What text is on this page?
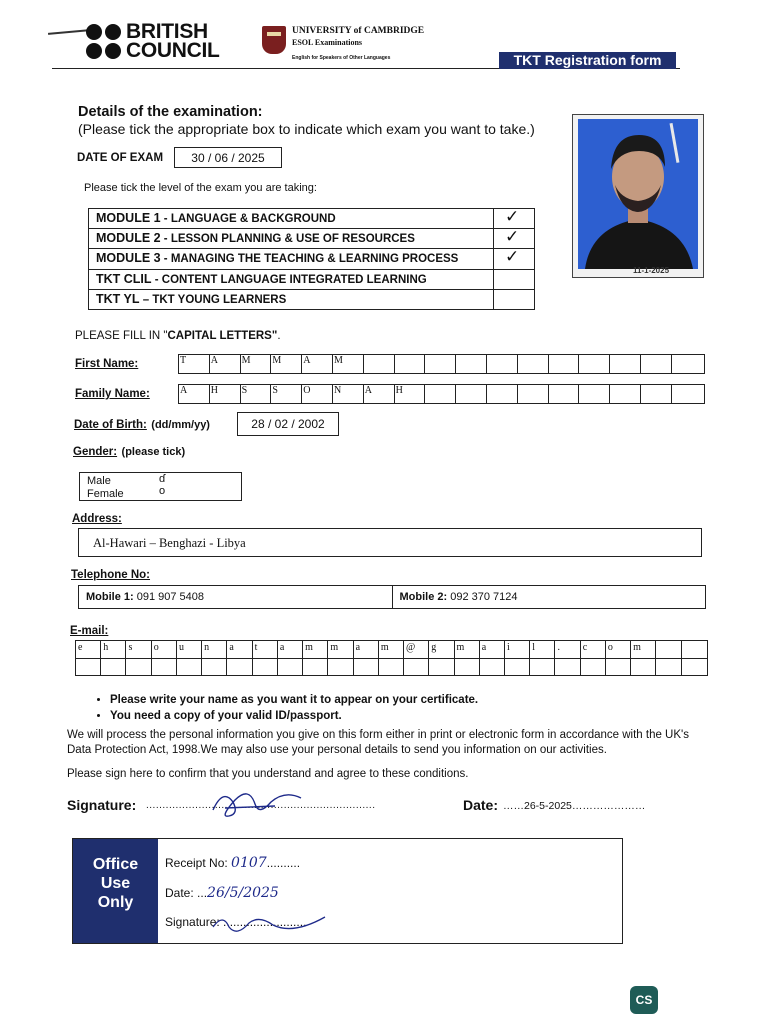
BRITISH
COUNCIL
UNIVERSITY of CAMBRIDGE
ESOL Examinations
English for Speakers of Other Languages	TKT Registration form
Details of the examination:
(Please tick the appropriate box to indicate which exam you want to take.)
DATE OF EXAM	30 / 06 / 2025
Please tick the level of the exam you are taking:
MODULE 1 - LANGUAGE & BACKGROUND	✓
MODULE 2 - LESSON PLANNING & USE OF RESOURCES	✓
MODULE 3 - MANAGING THE TEACHING & LEARNING PROCESS	✓
TKT CLIL - CONTENT LANGUAGE INTEGRATED LEARNING
TKT YL – TKT YOUNG LEARNERS
11-1-2025
PLEASE FILL IN "CAPITAL LETTERS".
First Name:	T	A	M	M	A	M
Family Name:	A	H	S	S	O	N	A	H
Date of Birth: (dd/mm/yy)	28 / 02 / 2002
Gender: (please tick)
Male	ɗ
Female	ο
Address:
Al-Hawari – Benghazi - Libya
Telephone No:
Mobile 1: 091 907 5408	Mobile 2: 092 370 7124
E-mail:
e	h	s	o	u	n	a	t	a	m	m	a	m	@	g	m	a	i	l	.	c	o	m
• Please write your name as you want it to appear on your certificate.
• You need a copy of your valid ID/passport.
We will process the personal information you give on this form either in print or electronic form in accordance with the UK's Data Protection Act, 1998.We may also use your personal details to send you information on our activities.
Please sign here to confirm that you understand and agree to these conditions.
Signature: ......................................................................	Date: ……26-5-2025…………………
Office
Use
Only
Receipt No: 0107..........
Date: ...26/5/2025
Signature: .........................
CS
